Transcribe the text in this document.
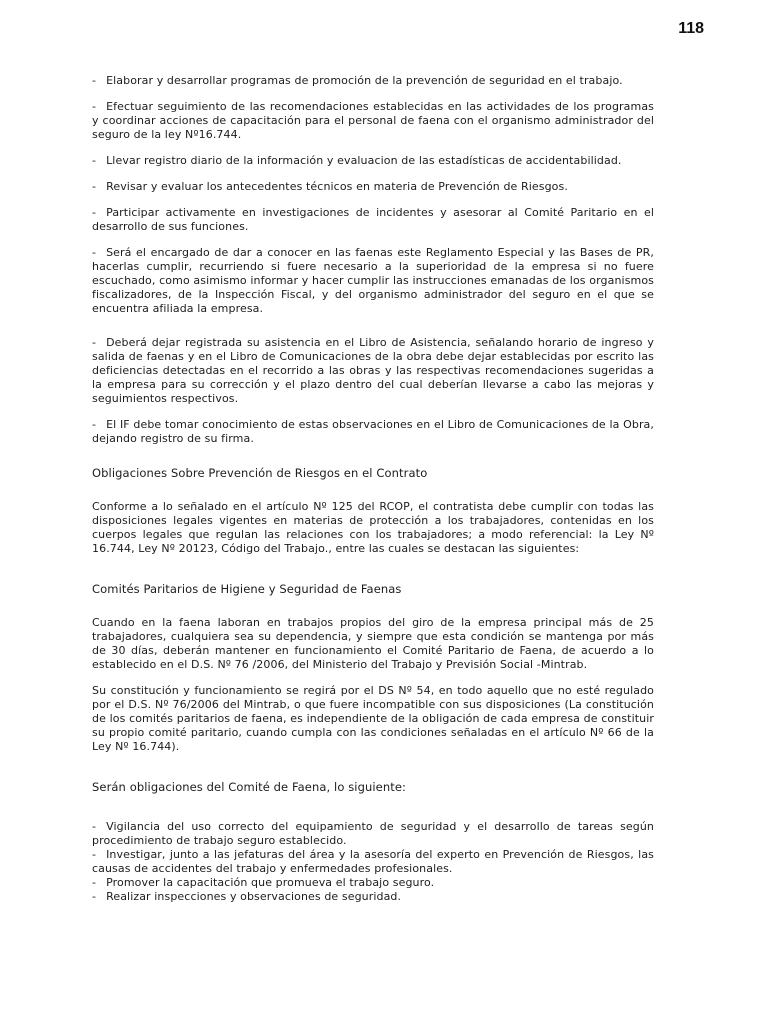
118

- Elaborar y desarrollar programas de promoción de la prevención de seguridad en el trabajo.

- Efectuar seguimiento de las recomendaciones establecidas en las actividades de los programas y coordinar acciones de capacitación para el personal de faena con el organismo administrador del seguro de la ley Nº16.744.

- Llevar registro diario de la información y evaluacion de las estadísticas de accidentabilidad.

- Revisar y evaluar los antecedentes técnicos en materia de Prevención de Riesgos.

- Participar activamente en investigaciones de incidentes y asesorar al Comité Paritario en el desarrollo de sus funciones.

- Será el encargado de dar a conocer en las faenas este Reglamento Especial y las Bases de PR, hacerlas cumplir, recurriendo si fuere necesario a la superioridad de la empresa si no fuere escuchado, como asimismo informar y hacer cumplir las instrucciones emanadas de los organismos fiscalizadores, de la Inspección Fiscal, y del organismo administrador del seguro en el que se encuentra afiliada la empresa.

- Deberá dejar registrada su asistencia en el Libro de Asistencia, señalando horario de ingreso y salida de faenas y en el Libro de Comunicaciones de la obra debe dejar establecidas por escrito las deficiencias detectadas en el recorrido a las obras y las respectivas recomendaciones sugeridas a la empresa para su corrección y el plazo dentro del cual deberían llevarse a cabo las mejoras y seguimientos respectivos.

- El IF debe tomar conocimiento de estas observaciones en el Libro de Comunicaciones de la Obra, dejando registro de su firma.

Obligaciones Sobre Prevención de Riesgos en el Contrato

Conforme a lo señalado en el artículo Nº 125 del RCOP, el contratista debe cumplir con todas las disposiciones legales vigentes en materias de protección a los trabajadores, contenidas en los cuerpos legales que regulan las relaciones con los trabajadores; a modo referencial: la Ley Nº 16.744, Ley Nº 20123, Código del Trabajo., entre las cuales se destacan las siguientes:

Comités Paritarios de Higiene y Seguridad de Faenas

Cuando en la faena laboran en trabajos propios del giro de la empresa principal más de 25 trabajadores, cualquiera sea su dependencia, y siempre que esta condición se mantenga por más de 30 días, deberán mantener en funcionamiento el Comité Paritario de Faena, de acuerdo a lo establecido en el D.S. Nº 76 /2006, del Ministerio del Trabajo y Previsión Social -Mintrab.

Su constitución y funcionamiento se regirá por el DS Nº 54, en todo aquello que no esté regulado por el D.S. Nº 76/2006 del Mintrab, o que fuere incompatible con sus disposiciones (La constitución de los comités paritarios de faena, es independiente de la obligación de cada empresa de constituir su propio comité paritario, cuando cumpla con las condiciones señaladas en el artículo Nº 66 de la Ley Nº 16.744).

Serán obligaciones del Comité de Faena, lo siguiente:

- Vigilancia del uso correcto del equipamiento de seguridad y el desarrollo de tareas según procedimiento de trabajo seguro establecido.

- Investigar, junto a las jefaturas del área y la asesoría del experto en Prevención de Riesgos, las causas de accidentes del trabajo y enfermedades profesionales.

- Promover la capacitación que promueva el trabajo seguro.

- Realizar inspecciones y observaciones de seguridad.
